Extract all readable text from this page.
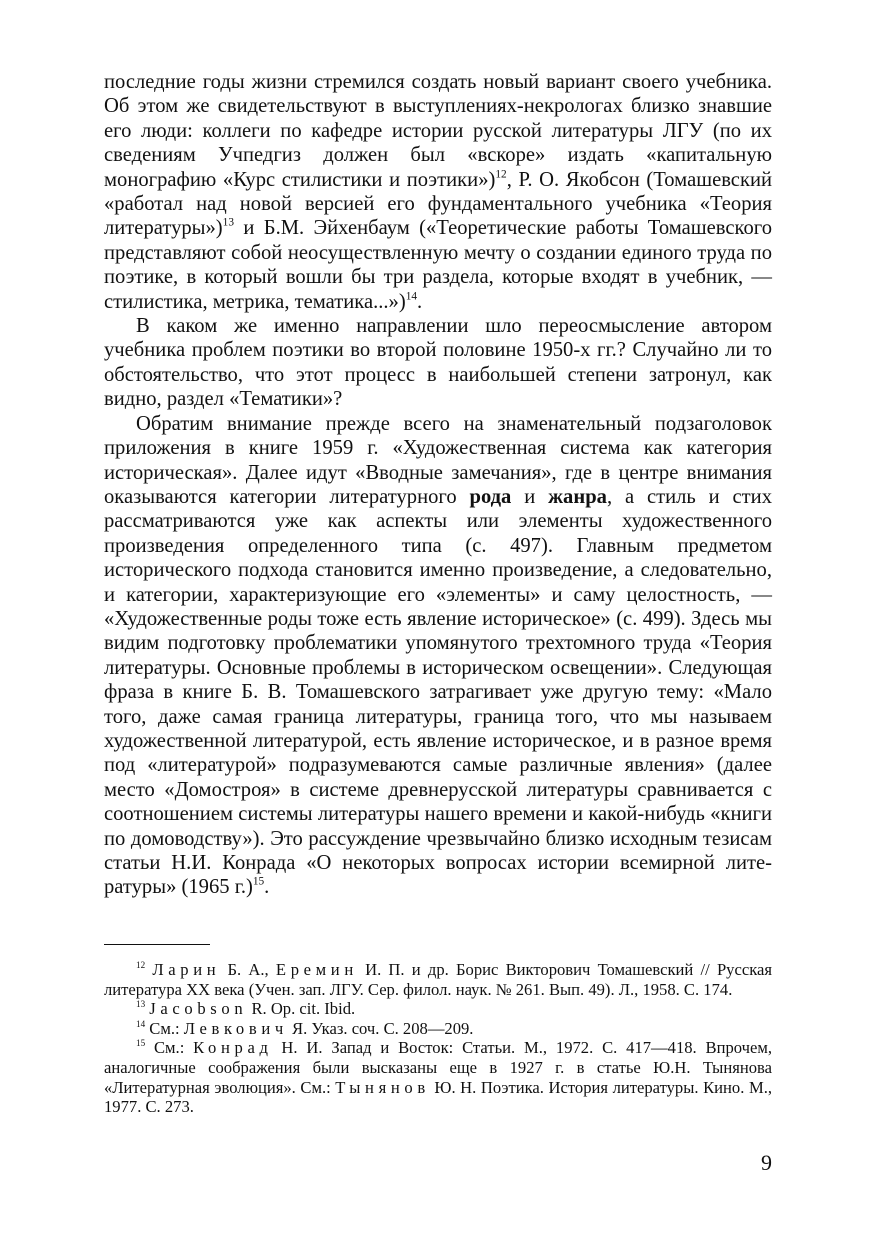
последние годы жизни стремился создать новый вариант своего учебника. Об этом же свидетельствуют в выступлениях-некрологах близко знавшие его люди: коллеги по кафедре истории русской литературы ЛГУ (по их сведениям Учпедгиз должен был «вскоре» издать «капитальную монографию «Курс стилистики и поэтики»)$^{12}$, Р. О. Якобсон (Томашевский «работал над новой версией его фундаментального учебника «Теория литературы»)$^{13}$ и Б.М. Эйхенбаум («Теоретические работы Томашевского представляют собой неосуществленную мечту о создании единого труда по поэтике, в который вошли бы три раздела, которые входят в учебник, — стилистика, метрика, тематика...»)$^{14}$.

В каком же именно направлении шло переосмысление автором учебника проблем поэтики во второй половине 1950-х гг.? Случайно ли то обстоятельство, что этот процесс в наибольшей степени затронул, как видно, раздел «Тематики»?

Обратим внимание прежде всего на знаменательный подзаголовок приложения в книге 1959 г. «Художественная система как категория историческая». Далее идут «Вводные замечания», где в центре внимания оказываются категории литературного рода и жанра, а стиль и стих рассматриваются уже как аспекты или элементы художественного произведения определенного типа (с. 497). Главным предметом исторического подхода становится именно произведение, а следовательно, и категории, характеризующие его «элементы» и саму целостность, — «Художественные роды тоже есть явление историческое» (с. 499). Здесь мы видим подготовку проблематики упомянутого трехтомного труда «Теория литературы. Основные проблемы в историческом освещении». Следующая фраза в книге Б. В. Томашевского затрагивает уже другую тему: «Мало того, даже самая граница литературы, граница того, что мы называем художественной литературой, есть явление историческое, и в разное время под «литературой» подразумеваются самые различные явления» (далее место «Домостроя» в системе древнерусской литературы сравнивается с соотношением системы литературы нашего времени и какой-нибудь «книги по домоводству»). Это рассуждение чрезвычайно близко исходным тезисам статьи Н.И. Конрада «О некоторых вопросах истории всемирной литературы» (1965 г.)$^{15}$.

$^{12}$ Ларин Б. А., Еремин И. П. и др. Борис Викторович Томашевский // Русская литература XX века (Учен. зап. ЛГУ. Сер. филол. наук. № 261. Вып. 49). Л., 1958. С. 174.

$^{13}$ Jacobson R. Op. cit. Ibid.

$^{14}$ См.: Левкович Я. Указ. соч. С. 208—209.

$^{15}$ См.: Конрад Н. И. Запад и Восток: Статьи. М., 1972. С. 417—418. Впрочем, аналогичные соображения были высказаны еще в 1927 г. в статье Ю.Н. Тынянова «Литературная эволюция». См.: Тынянов Ю. Н. Поэтика. История литературы. Кино. М., 1977. С. 273.

9
